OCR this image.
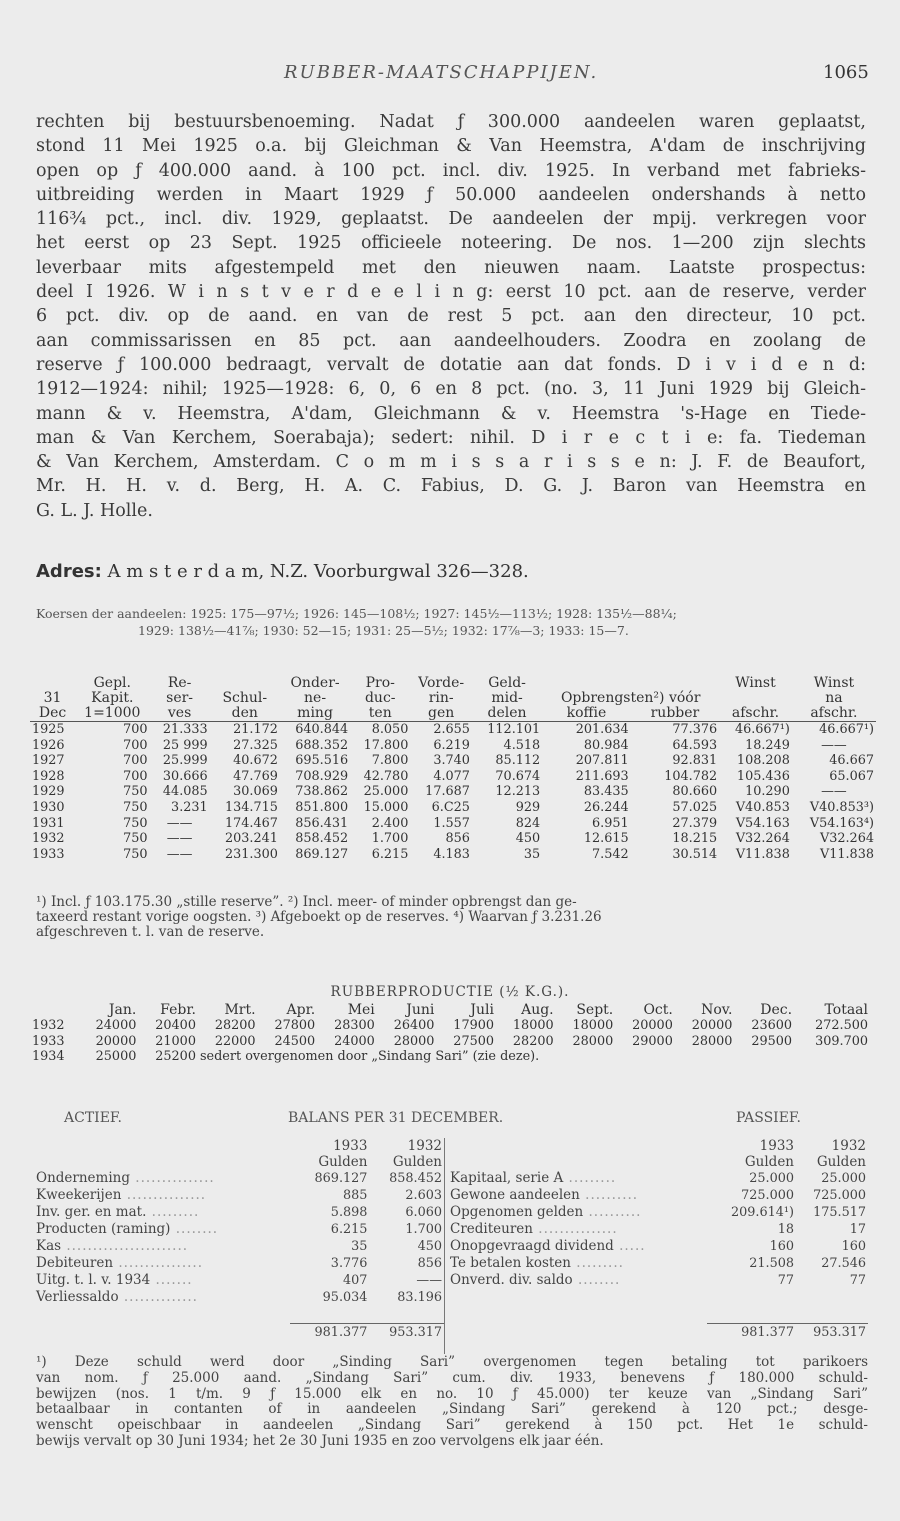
RUBBER-MAATSCHAPPIJEN.	1065
rechten bij bestuursbenoeming. Nadat ƒ 300.000 aandeelen waren geplaatst,
stond 11 Mei 1925 o.a. bij Gleichman & Van Heemstra, A'dam de inschrijving
open op ƒ 400.000 aand. à 100 pct. incl. div. 1925. In verband met fabrieks-
uitbreiding werden in Maart 1929 ƒ 50.000 aandeelen ondershands à netto
116¾ pct., incl. div. 1929, geplaatst. De aandeelen der mpij. verkregen voor
het eerst op 23 Sept. 1925 officieele noteering. De nos. 1—200 zijn slechts
leverbaar mits afgestempeld met den nieuwen naam. Laatste prospectus:
deel I 1926. W i n s t v e r d e e l i n g: eerst 10 pct. aan de reserve, verder
6 pct. div. op de aand. en van de rest 5 pct. aan den directeur, 10 pct.
aan commissarissen en 85 pct. aan aandeelhouders. Zoodra en zoolang de
reserve ƒ 100.000 bedraagt, vervalt de dotatie aan dat fonds. D i v i d e n d:
1912—1924: nihil; 1925—1928: 6, 0, 6 en 8 pct. (no. 3, 11 Juni 1929 bij Gleich-
mann & v. Heemstra, A'dam, Gleichmann & v. Heemstra 's-Hage en Tiede-
man & Van Kerchem, Soerabaja); sedert: nihil. D i r e c t i e: fa. Tiedeman
& Van Kerchem, Amsterdam. C o m m i s s a r i s s e n: J. F. de Beaufort,
Mr. H. H. v. d. Berg, H. A. C. Fabius, D. G. J. Baron van Heemstra en
G. L. J. Holle.
Adres: A m s t e r d a m, N.Z. Voorburgwal 326—328.
Koersen der aandeelen: 1925: 175—97½; 1926: 145—108½; 1927: 145½—113½; 1928: 135½—88¼;
1929: 138½—41⅞; 1930: 52—15; 1931: 25—5½; 1932: 17⅞—3; 1933: 15—7.
	Gepl.	Re-		Onder-	Pro-	Vorde-	Geld-			Winst	Winst
31	Kapit.	ser-	Schul-	ne-	duc-	rin-	mid-	Opbrengsten²) vóór			na
Dec	1=1000	ves	den	ming	ten	gen	delen	koffie	rubber	afschr.	afschr.
1925	700	21.333	21.172	640.844	8.050	2.655	112.101	201.634	77.376	46.667¹)	46.667¹)
1926	700	25 999	27.325	688.352	17.800	6.219	4.518	80.984	64.593	18.249	——
1927	700	25.999	40.672	695.516	7.800	3.740	85.112	207.811	92.831	108.208	46.667
1928	700	30.666	47.769	708.929	42.780	4.077	70.674	211.693	104.782	105.436	65.067
1929	750	44.085	30.069	738.862	25.000	17.687	12.213	83.435	80.660	10.290	——
1930	750	3.231	134.715	851.800	15.000	6.C25	929	26.244	57.025	V40.853	V40.853³)
1931	750	——	174.467	856.431	2.400	1.557	824	6.951	27.379	V54.163	V54.163⁴)
1932	750	——	203.241	858.452	1.700	856	450	12.615	18.215	V32.264	V32.264
1933	750	——	231.300	869.127	6.215	4.183	35	7.542	30.514	V11.838	V11.838
¹) Incl. ƒ 103.175.30 „stille reserve”. ²) Incl. meer- of minder opbrengst dan ge-
taxeerd restant vorige oogsten. ³) Afgeboekt op de reserves. ⁴) Waarvan ƒ 3.231.26
afgeschreven t. l. van de reserve.
RUBBERPRODUCTIE (½ K.G.).
	Jan.	Febr.	Mrt.	Apr.	Mei	Juni	Juli	Aug.	Sept.	Oct.	Nov.	Dec.	Totaal
1932	24000	20400	28200	27800	28300	26400	17900	18000	18000	20000	20000	23600	272.500
1933	20000	21000	22000	24500	24000	28000	27500	28200	28000	29000	28000	29500	309.700
1934	25000	25200	sedert overgenomen door „Sindang Sari” (zie deze).										
ACTIEF.	BALANS PER 31 DECEMBER.	PASSIEF.
	1933	1932
	Gulden	Gulden
Onderneming ...............	869.127	858.452
Kweekerijen ...............	885	2.603
Inv. ger. en mat. .........	5.898	6.060
Producten (raming) ........	6.215	1.700
Kas .......................	35	450
Debiteuren ................	3.776	856
Uitg. t. l. v. 1934 .......	407	——
Verliessaldo ..............	95.034	83.196

	981.377	953.317
	1933	1932
	Gulden	Gulden
Kapitaal, serie A .........	25.000	25.000
Gewone aandeelen ..........	725.000	725.000
Opgenomen gelden ..........	209.614¹)	175.517
Crediteuren ...............	18	17
Onopgevraagd dividend .....	160	160
Te betalen kosten .........	21.508	27.546
Onverd. div. saldo ........	77	77

	981.377	953.317
¹) Deze schuld werd door „Sinding Sari” overgenomen tegen betaling tot parikoers
van nom. ƒ 25.000 aand. „Sindang Sari” cum. div. 1933, benevens ƒ 180.000 schuld-
bewijzen (nos. 1 t/m. 9 ƒ 15.000 elk en no. 10 ƒ 45.000) ter keuze van „Sindang Sari”
betaalbaar in contanten of in aandeelen „Sindang Sari” gerekend à 120 pct.; desge-
wenscht opeischbaar in aandeelen „Sindang Sari” gerekend à 150 pct. Het 1e schuld-
bewijs vervalt op 30 Juni 1934; het 2e 30 Juni 1935 en zoo vervolgens elk jaar één.
